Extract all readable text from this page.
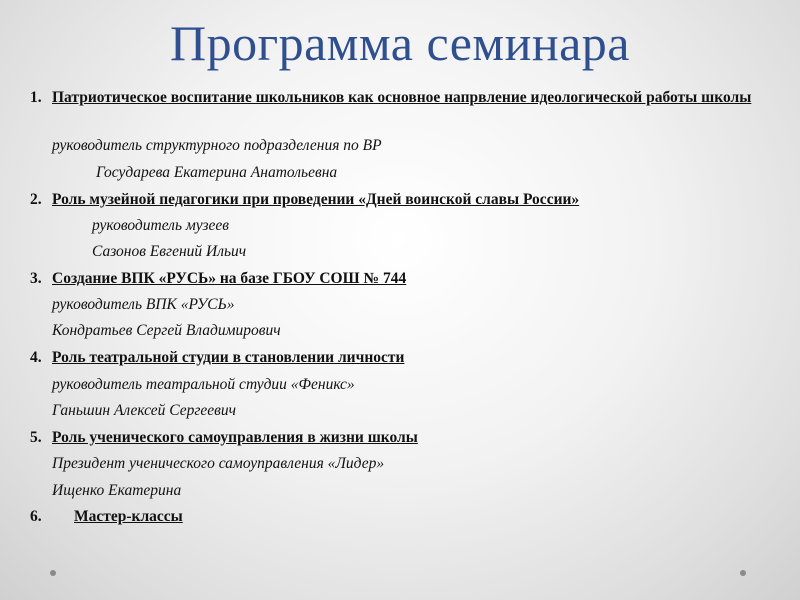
Программа семинара
1. Патриотическое воспитание школьников как основное напрвление идеологической работы школы
руководитель структурного подразделения по ВР
Государева Екатерина Анатольевна
2. Роль музейной педагогики при проведении «Дней воинской славы России»
руководитель музеев
Сазонов Евгений Ильич
3. Создание ВПК «РУСЬ» на базе ГБОУ СОШ № 744
руководитель ВПК «РУСЬ»
Кондратьев Сергей Владимирович
4. Роль театральной студии в становлении личности
руководитель театральной студии «Феникс»
Ганьшин Алексей Сергеевич
5. Роль ученического самоуправления в жизни школы
Президент ученического самоуправления «Лидер»
Ищенко Екатерина
6. Мастер-классы
